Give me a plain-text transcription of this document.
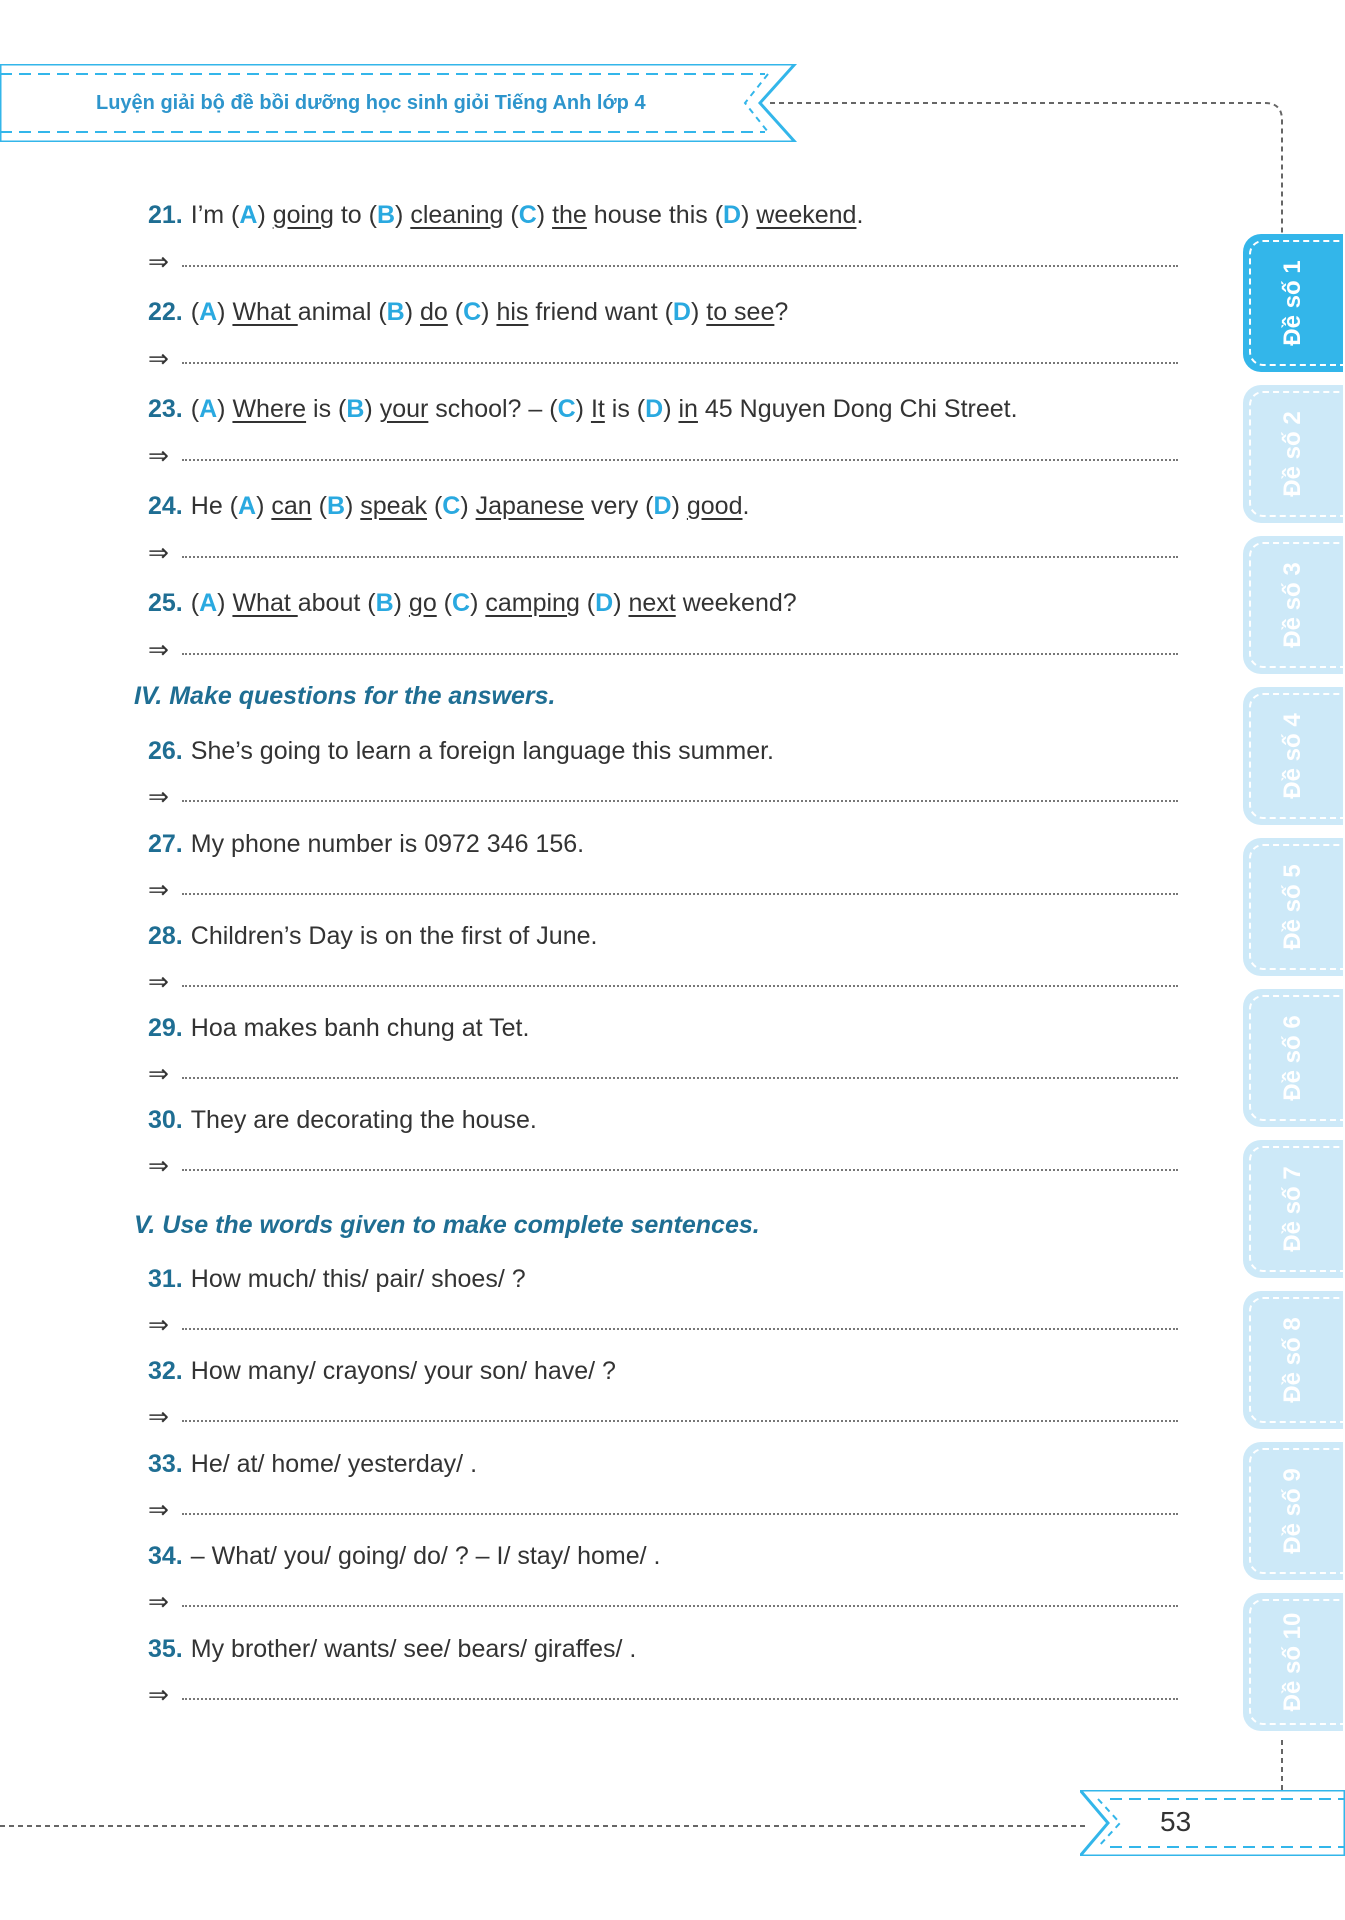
Luyện giải bộ đề bồi dưỡng học sinh giỏi Tiếng Anh lớp 4
21. I’m (A) going to (B) cleaning (C) the house this (D) weekend.
⇒
22. (A) What animal (B) do (C) his friend want (D) to see?
⇒
23. (A) Where is (B) your school? – (C) It is (D) in 45 Nguyen Dong Chi Street.
⇒
24. He (A) can (B) speak (C) Japanese very (D) good.
⇒
25. (A) What about (B) go (C) camping (D) next weekend?
⇒
IV. Make questions for the answers.
26. She’s going to learn a foreign language this summer.
⇒
27. My phone number is 0972 346 156.
⇒
28. Children’s Day is on the first of June.
⇒
29. Hoa makes banh chung at Tet.
⇒
30. They are decorating the house.
⇒
V. Use the words given to make complete sentences.
31. How much/ this/ pair/ shoes/ ?
⇒
32. How many/ crayons/ your son/ have/ ?
⇒
33. He/ at/ home/ yesterday/ .
⇒
34. – What/ you/ going/ do/ ? – I/ stay/ home/ .
⇒
35. My brother/ wants/ see/ bears/ giraffes/ .
⇒
Đề số 1
Đề số 2
Đề số 3
Đề số 4
Đề số 5
Đề số 6
Đề số 7
Đề số 8
Đề số 9
Đề số 10
53
